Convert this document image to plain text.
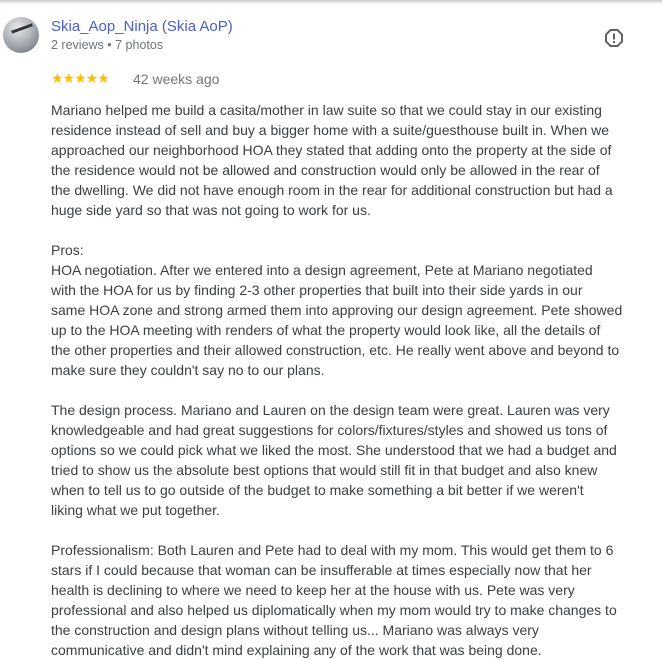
Skia_Aop_Ninja (Skia AoP)
2 reviews • 7 photos
★★★★★ 42 weeks ago
Mariano helped me build a casita/mother in law suite so that we could stay in our existing
residence instead of sell and buy a bigger home with a suite/guesthouse built in. When we
approached our neighborhood HOA they stated that adding onto the property at the side of
the residence would not be allowed and construction would only be allowed in the rear of
the dwelling. We did not have enough room in the rear for additional construction but had a
huge side yard so that was not going to work for us.
Pros:
HOA negotiation. After we entered into a design agreement, Pete at Mariano negotiated
with the HOA for us by finding 2-3 other properties that built into their side yards in our
same HOA zone and strong armed them into approving our design agreement. Pete showed
up to the HOA meeting with renders of what the property would look like, all the details of
the other properties and their allowed construction, etc. He really went above and beyond to
make sure they couldn't say no to our plans.
The design process. Mariano and Lauren on the design team were great. Lauren was very
knowledgeable and had great suggestions for colors/fixtures/styles and showed us tons of
options so we could pick what we liked the most. She understood that we had a budget and
tried to show us the absolute best options that would still fit in that budget and also knew
when to tell us to go outside of the budget to make something a bit better if we weren't
liking what we put together.
Professionalism: Both Lauren and Pete had to deal with my mom. This would get them to 6
stars if I could because that woman can be insufferable at times especially now that her
health is declining to where we need to keep her at the house with us. Pete was very
professional and also helped us diplomatically when my mom would try to make changes to
the construction and design plans without telling us... Mariano was always very
communicative and didn't mind explaining any of the work that was being done.
